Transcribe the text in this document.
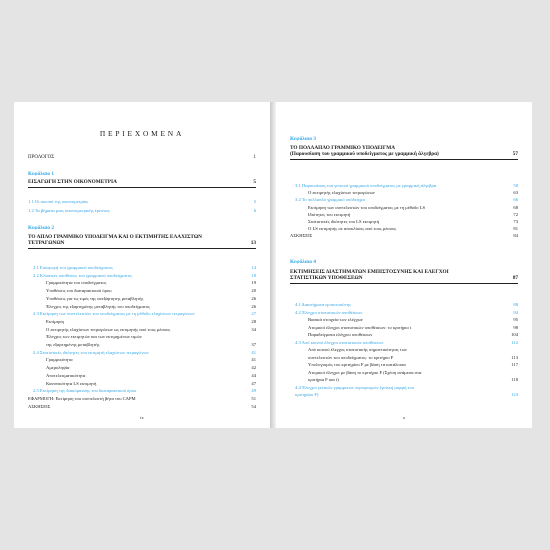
ΠΕΡΙΕΧΟΜΕΝΑ
ΠΡΟΛΟΓΟΣ	1
Κεφάλαιο 1
ΕΙΣΑΓΩΓΗ ΣΤΗΝ ΟΙΚΟΝΟΜΕΤΡΙΑ	5
1.1 Οι σκοποί της οικονομετρίας	5
1.2 Τα βήματα μιας οικονομετρικής έρευνας	6
Κεφάλαιο 2
ΤΟ ΑΠΛΟ ΓΡΑΜΜΙΚΟ ΥΠΟΔΕΙΓΜΑ ΚΑΙ Ο ΕΚΤΙΜΗΤΗΣ ΕΛΑΧΙΣΤΩΝ
ΤΕΤΡΑΓΩΝΩΝ	13
2.1 Εισαγωγή του γραμμικού υποδείγματος	14
2.2 Κλασικές υποθέσεις του γραμμικού υποδείγματος	18
Γραμμικότητα του υποδείγματος	19
Υποθέσεις του διαταρακτικού όρου	20
Υποθέσεις για τις τιμές της ανεξάρτητης μεταβλητής	26
Έλεγχος της εξαρτημένης μεταβλητής του υποδείγματος	26
2.3 Εκτίμηση των συντελεστών του υποδείγματος με τη μέθοδο ελαχίστων τετραγώνων	27
Εκτίμηση	28
Ο εκτιμητής ελαχίστων τετραγώνων ως εκτιμητής από τους μέσους	34
Έλεγχος των εκτιμητών και των εκτιμημένων τιμών
της εξαρτημένης μεταβλητής	37
2.4 Στατιστικές ιδιότητες του εκτιμητή ελαχίστων τετραγώνων	41
Γραμμικότητα	41
Αμεροληψία	42
Αποτελεσματικότητα	44
Κανονικότητα LS εκτιμητή	47
2.5 Εκτίμηση της διακύμανσης του διαταρακτικού όρου	49
ΕΦΑΡΜΟΓΗ: Εκτίμηση του συντελεστή βήτα του CAPM	51
ΑΣΚΗΣΕΙΣ	54
ix
Κεφάλαιο 3
ΤΟ ΠΟΛΛΑΠΛΟ ΓΡΑΜΜΙΚΟ ΥΠΟΔΕΙΓΜΑ
(Παρουσίαση του γραμμικού υποδείγματος με γραμμική άλγεβρα)	57
3.1 Παρουσίαση του γενικού γραμμικού υποδείγματος με γραμμική άλγεβρα	58
Ο εκτιμητής ελαχίστων τετραγώνων	63
3.2 Το πολλαπλό γραμμικό υπόδειγμα	66
Εκτίμηση των συντελεστών του υποδείγματος με τη μέθοδο LS	68
Ιδιότητες του εκτιμητή	72
Στατιστικές ιδιότητες του LS εκτιμητή	73
Ο LS εκτιμητής σε αποκλίσεις από τους μέσους	81
ΑΣΚΗΣΕΙΣ	84
Κεφάλαιο 4
ΕΚΤΙΜΗΣΕΙΣ ΔΙΑΣΤΗΜΑΤΩΝ ΕΜΠΙΣΤΟΣΥΝΗΣ ΚΑΙ ΕΛΕΓΧΟΙ
ΣΤΑΤΙΣΤΙΚΩΝ ΥΠΟΘΕΣΕΩΝ	87
4.1 Διαστήματα εμπιστοσύνης	88
4.2 Έλεγχοι στατιστικών υποθέσεων	94
Βασικά στοιχεία των ελέγχων	95
Ατομικοί έλεγχοι στατιστικών υποθέσεων: το κριτήριο t	98
Παραδείγματα ελέγχου υποθέσεων	104
4.3 Από κοινού έλεγχοι στατιστικών υποθέσεων	112
Από κοινού έλεγχος στατιστικής σημαντικότητας των
συντελεστών του υποδείγματος: το κριτήριο F	113
Υπολογισμός του κριτηρίου F με βάση τα κατάλοιπα	117
Ατομικοί έλεγχοι με βάση το κριτήριο F (Σχέση ανάμεσα στα
κριτήρια F και t)	118
4.4 Έλεγχοι γενικών γραμμικών περιορισμών (γενική μορφή του
κριτηρίου F)	123
x
